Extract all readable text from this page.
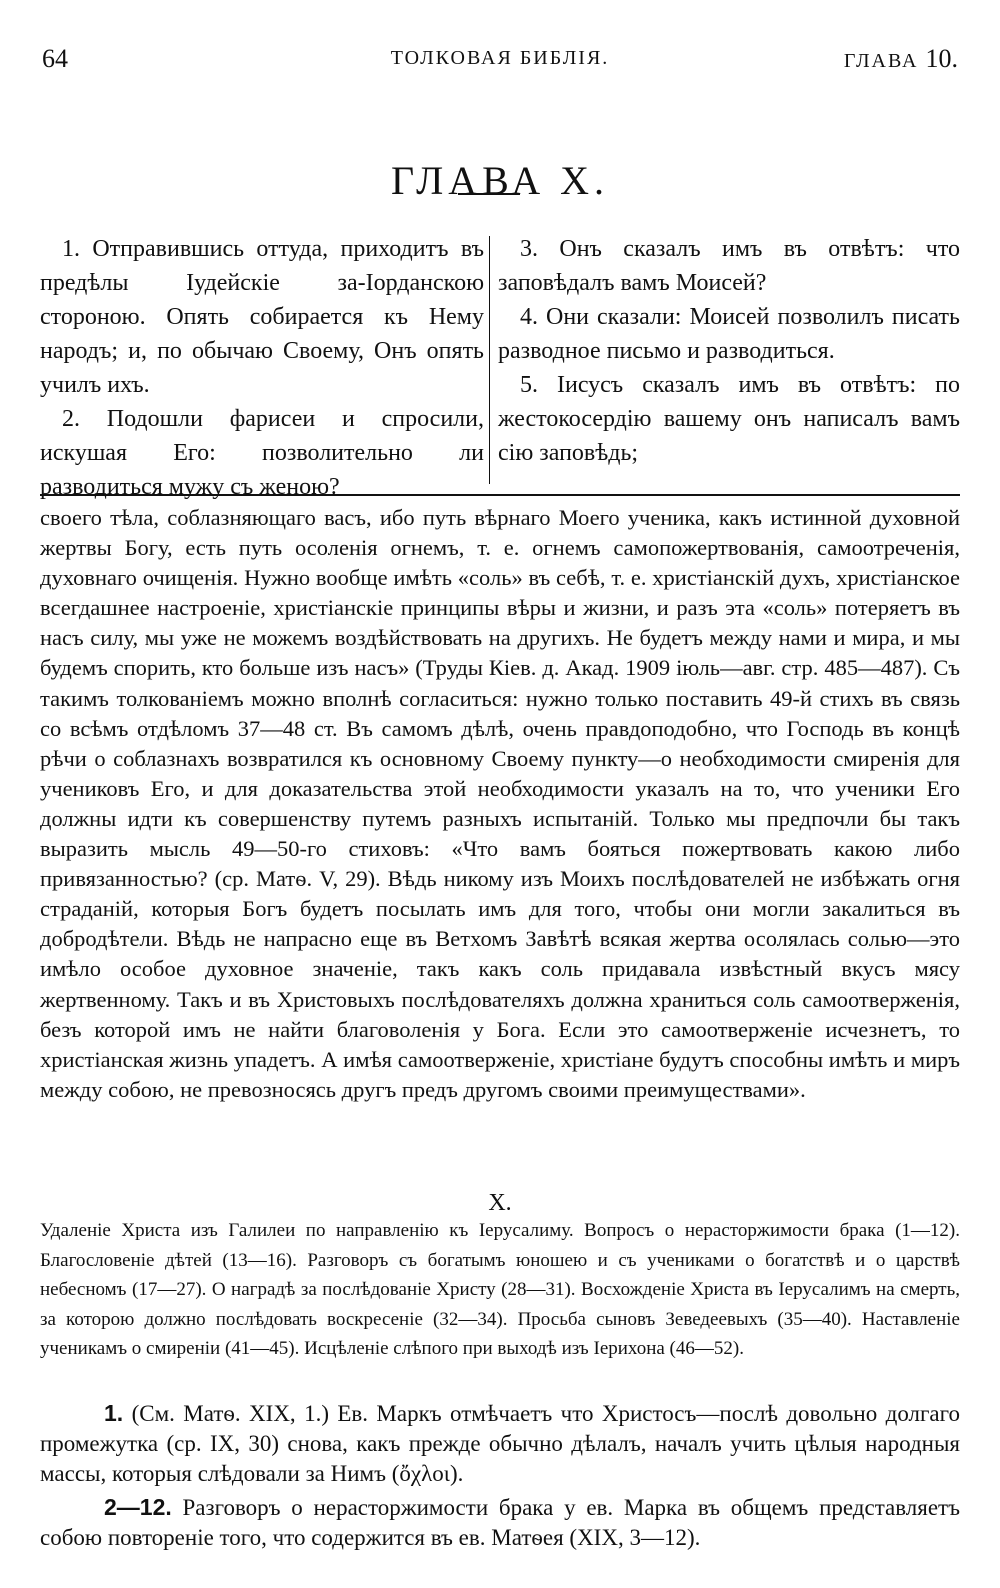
64	ТОЛКОВАЯ БИБЛІЯ.	ГЛАВА 10.
ГЛАВА X.

1. Отправившись оттуда, приходитъ въ предѣлы Іудейскіе за-Іорданскою стороною. Опять собирается къ Нему народъ; и, по обычаю Своему, Онъ опять училъ ихъ.

2. Подошли фарисеи и спросили, искушая Его: позволительно ли разводиться мужу съ женою?

3. Онъ сказалъ имъ въ отвѣтъ: что заповѣдалъ вамъ Моисей?

4. Они сказали: Моисей позволилъ писать разводное письмо и разводиться.

5. Іисусъ сказалъ имъ въ отвѣтъ: по жестокосердію вашему онъ написалъ вамъ сію заповѣдь;

своего тѣла, соблазняющаго васъ, ибо путь вѣрнаго Моего ученика, какъ истинной духовной жертвы Богу, есть путь осоленія огнемъ, т. е. огнемъ самопожертвованія, самоотреченія, духовнаго очищенія. Нужно вообще имѣть «соль» въ себѣ, т. е. христіанскій духъ, христіанское всегдашнее настроеніе, христіанскіе принципы вѣры и жизни, и разъ эта «соль» потеряетъ въ насъ силу, мы уже не можемъ воздѣйствовать на другихъ. Не будетъ между нами и мира, и мы будемъ спорить, кто больше изъ насъ» (Труды Кіев. д. Акад. 1909 іюль—авг. стр. 485—487). Съ такимъ толкованіемъ можно вполнѣ согласиться: нужно только поставить 49-й стихъ въ связь со всѣмъ отдѣломъ 37—48 ст. Въ самомъ дѣлѣ, очень правдоподобно, что Господь въ концѣ рѣчи о соблазнахъ возвратился къ основному Своему пункту—о необходимости смиренія для учениковъ Его, и для доказательства этой необходимости указалъ на то, что ученики Его должны идти къ совершенству путемъ разныхъ испытаній. Только мы предпочли бы такъ выразить мысль 49—50-го стиховъ: «Что вамъ бояться пожертвовать какою либо привязанностью? (ср. Матѳ. V, 29). Вѣдь никому изъ Моихъ послѣдователей не избѣжать огня страданій, которыя Богъ будетъ посылать имъ для того, чтобы они могли закалиться въ добродѣтели. Вѣдь не напрасно еще въ Ветхомъ Завѣтѣ всякая жертва осолялась солью—это имѣло особое духовное значеніе, такъ какъ соль придавала извѣстный вкусъ мясу жертвенному. Такъ и въ Христовыхъ послѣдователяхъ должна храниться соль самоотверженія, безъ которой имъ не найти благоволенія у Бога. Если это самоотверженіе исчезнетъ, то христіанская жизнь упадетъ. А имѣя самоотверженіе, христіане будутъ способны имѣть и миръ между собою, не превозносясь другъ предъ другомъ своими преимуществами».

X.

Удаленіе Христа изъ Галилеи по направленію къ Іерусалиму. Вопросъ о нерасторжимости брака (1—12). Благословеніе дѣтей (13—16). Разговоръ съ богатымъ юношею и съ учениками о богатствѣ и о царствѣ небесномъ (17—27). О наградѣ за послѣдованіе Христу (28—31). Восхожденіе Христа въ Іерусалимъ на смерть, за которою должно послѣдовать воскресеніе (32—34). Просьба сыновъ Зеведеевыхъ (35—40). Наставленіе ученикамъ о смиреніи (41—45). Исцѣленіе слѣпого при выходѣ изъ Іерихона (46—52).

1. (См. Матѳ. XIX, 1.) Ев. Маркъ отмѣчаетъ что Христосъ—послѣ довольно долгаго промежутка (ср. IX, 30) снова, какъ прежде обычно дѣлалъ, началъ учить цѣлыя народныя массы, которыя слѣдовали за Нимъ (ὄχλοι).

2—12. Разговоръ о нерасторжимости брака у ев. Марка въ общемъ представляетъ собою повтореніе того, что содержится въ ев. Матѳея (XIX, 3—12).
